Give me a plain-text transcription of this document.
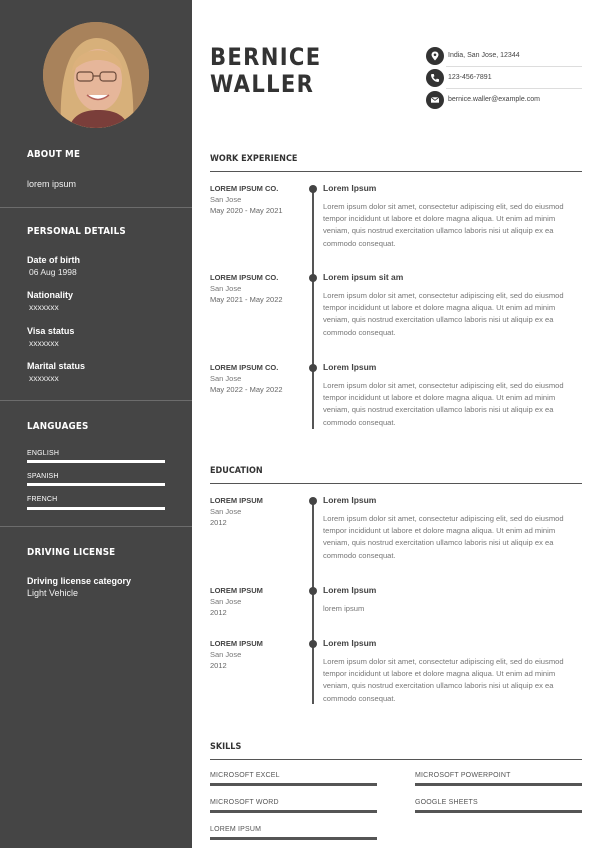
ABOUT ME
lorem ipsum
PERSONAL DETAILS
Date of birth
06 Aug 1998
Nationality
xxxxxxx
Visa status
xxxxxxx
Marital status
xxxxxxx
LANGUAGES
ENGLISH
SPANISH
FRENCH
DRIVING LICENSE
Driving license category
Light Vehicle
BERNICE
WALLER
India, San Jose, 12344
123-456-7891
bernice.waller@example.com
WORK EXPERIENCE
LOREM IPSUM CO.
San Jose
May 2020 - May 2021
Lorem Ipsum
Lorem ipsum dolor sit amet, consectetur adipiscing elit, sed do eiusmod tempor incididunt ut labore et dolore magna aliqua. Ut enim ad minim veniam, quis nostrud exercitation ullamco laboris nisi ut aliquip ex ea commodo consequat.
LOREM IPSUM CO.
San Jose
May 2021 - May 2022
Lorem ipsum sit am
Lorem ipsum dolor sit amet, consectetur adipiscing elit, sed do eiusmod tempor incididunt ut labore et dolore magna aliqua. Ut enim ad minim veniam, quis nostrud exercitation ullamco laboris nisi ut aliquip ex ea commodo consequat.
LOREM IPSUM CO.
San Jose
May 2022 - May 2022
Lorem Ipsum
Lorem ipsum dolor sit amet, consectetur adipiscing elit, sed do eiusmod tempor incididunt ut labore et dolore magna aliqua. Ut enim ad minim veniam, quis nostrud exercitation ullamco laboris nisi ut aliquip ex ea commodo consequat.
EDUCATION
LOREM IPSUM
San Jose
2012
Lorem Ipsum
Lorem ipsum dolor sit amet, consectetur adipiscing elit, sed do eiusmod tempor incididunt ut labore et dolore magna aliqua. Ut enim ad minim veniam, quis nostrud exercitation ullamco laboris nisi ut aliquip ex ea commodo consequat.
LOREM IPSUM
San Jose
2012
Lorem Ipsum
lorem ipsum
LOREM IPSUM
San Jose
2012
Lorem Ipsum
Lorem ipsum dolor sit amet, consectetur adipiscing elit, sed do eiusmod tempor incididunt ut labore et dolore magna aliqua. Ut enim ad minim veniam, quis nostrud exercitation ullamco laboris nisi ut aliquip ex ea commodo consequat.
SKILLS
MICROSOFT EXCEL	MICROSOFT POWERPOINT
MICROSOFT WORD	GOOGLE SHEETS
LOREM IPSUM
